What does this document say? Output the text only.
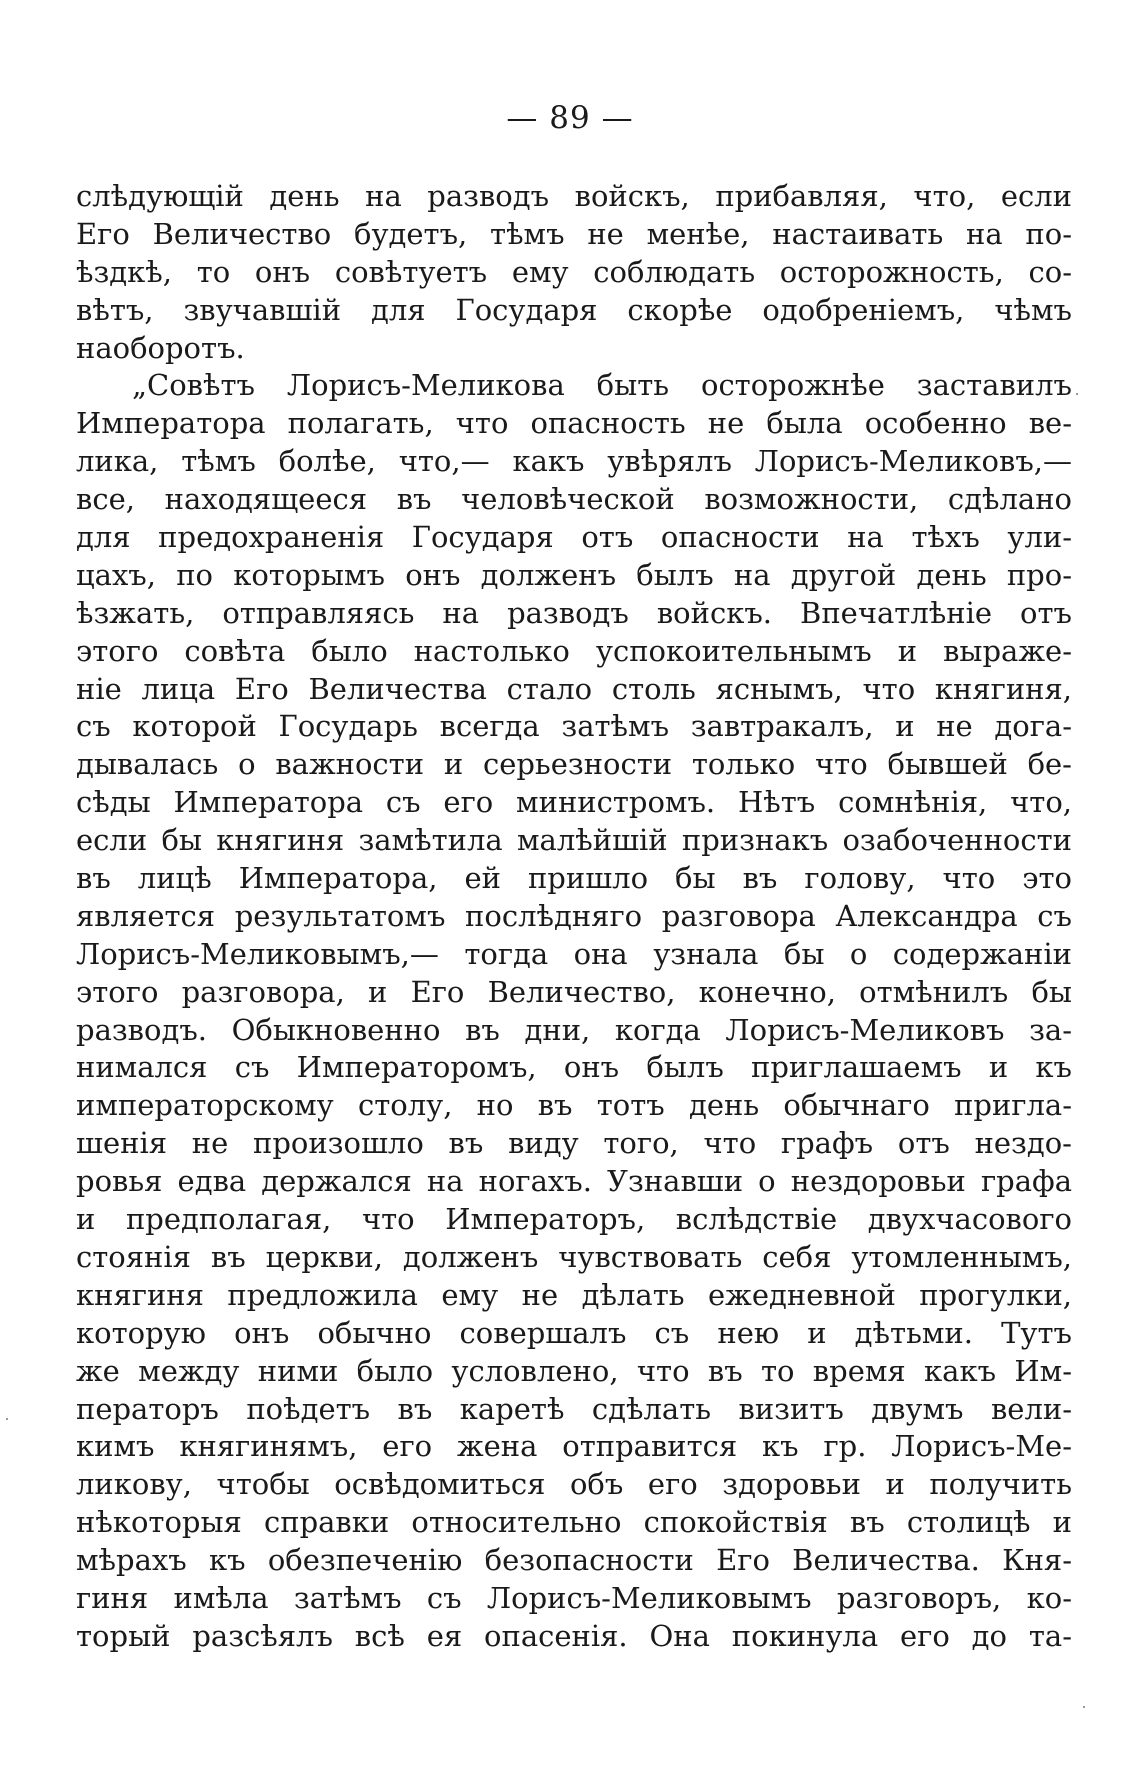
— 89 —
слѣдующій день на разводъ войскъ, прибавляя, что, если
Его Величество будетъ, тѣмъ не менѣе, настаивать на по-
ѣздкѣ, то онъ совѣтуетъ ему соблюдать осторожность, со-
вѣтъ, звучавшій для Государя скорѣе одобреніемъ, чѣмъ
наоборотъ.
„Совѣтъ Лорисъ-Меликова быть осторожнѣе заставилъ
Императора полагать, что опасность не была особенно ве-
лика, тѣмъ болѣе, что,— какъ увѣрялъ Лорисъ-Меликовъ,—
все, находящееся въ человѣческой возможности, сдѣлано
для предохраненія Государя отъ опасности на тѣхъ ули-
цахъ, по которымъ онъ долженъ былъ на другой день про-
ѣзжать, отправляясь на разводъ войскъ. Впечатлѣніе отъ
этого совѣта было настолько успокоительнымъ и выраже-
ніе лица Его Величества стало столь яснымъ, что княгиня,
съ которой Государь всегда затѣмъ завтракалъ, и не дога-
дывалась о важности и серьезности только что бывшей бе-
сѣды Императора съ его министромъ. Нѣтъ сомнѣнія, что,
если бы княгиня замѣтила малѣйшій признакъ озабоченности
въ лицѣ Императора, ей пришло бы въ голову, что это
является результатомъ послѣдняго разговора Александра съ
Лорисъ-Меликовымъ,— тогда она узнала бы о содержаніи
этого разговора, и Его Величество, конечно, отмѣнилъ бы
разводъ. Обыкновенно въ дни, когда Лорисъ-Меликовъ за-
нимался съ Императоромъ, онъ былъ приглашаемъ и къ
императорскому столу, но въ тотъ день обычнаго пригла-
шенія не произошло въ виду того, что графъ отъ нездо-
ровья едва держался на ногахъ. Узнавши о нездоровьи графа
и предполагая, что Императоръ, вслѣдствіе двухчасового
стоянія въ церкви, долженъ чувствовать себя утомленнымъ,
княгиня предложила ему не дѣлать ежедневной прогулки,
которую онъ обычно совершалъ съ нею и дѣтьми. Тутъ
же между ними было условлено, что въ то время какъ Им-
ператоръ поѣдетъ въ каретѣ сдѣлать визитъ двумъ вели-
кимъ княгинямъ, его жена отправится къ гр. Лорисъ-Ме-
ликову, чтобы освѣдомиться объ его здоровьи и получить
нѣкоторыя справки относительно спокойствія въ столицѣ и
мѣрахъ къ обезпеченію безопасности Его Величества. Кня-
гиня имѣла затѣмъ съ Лорисъ-Меликовымъ разговоръ, ко-
торый разсѣялъ всѣ ея опасенія. Она покинула его до та-
